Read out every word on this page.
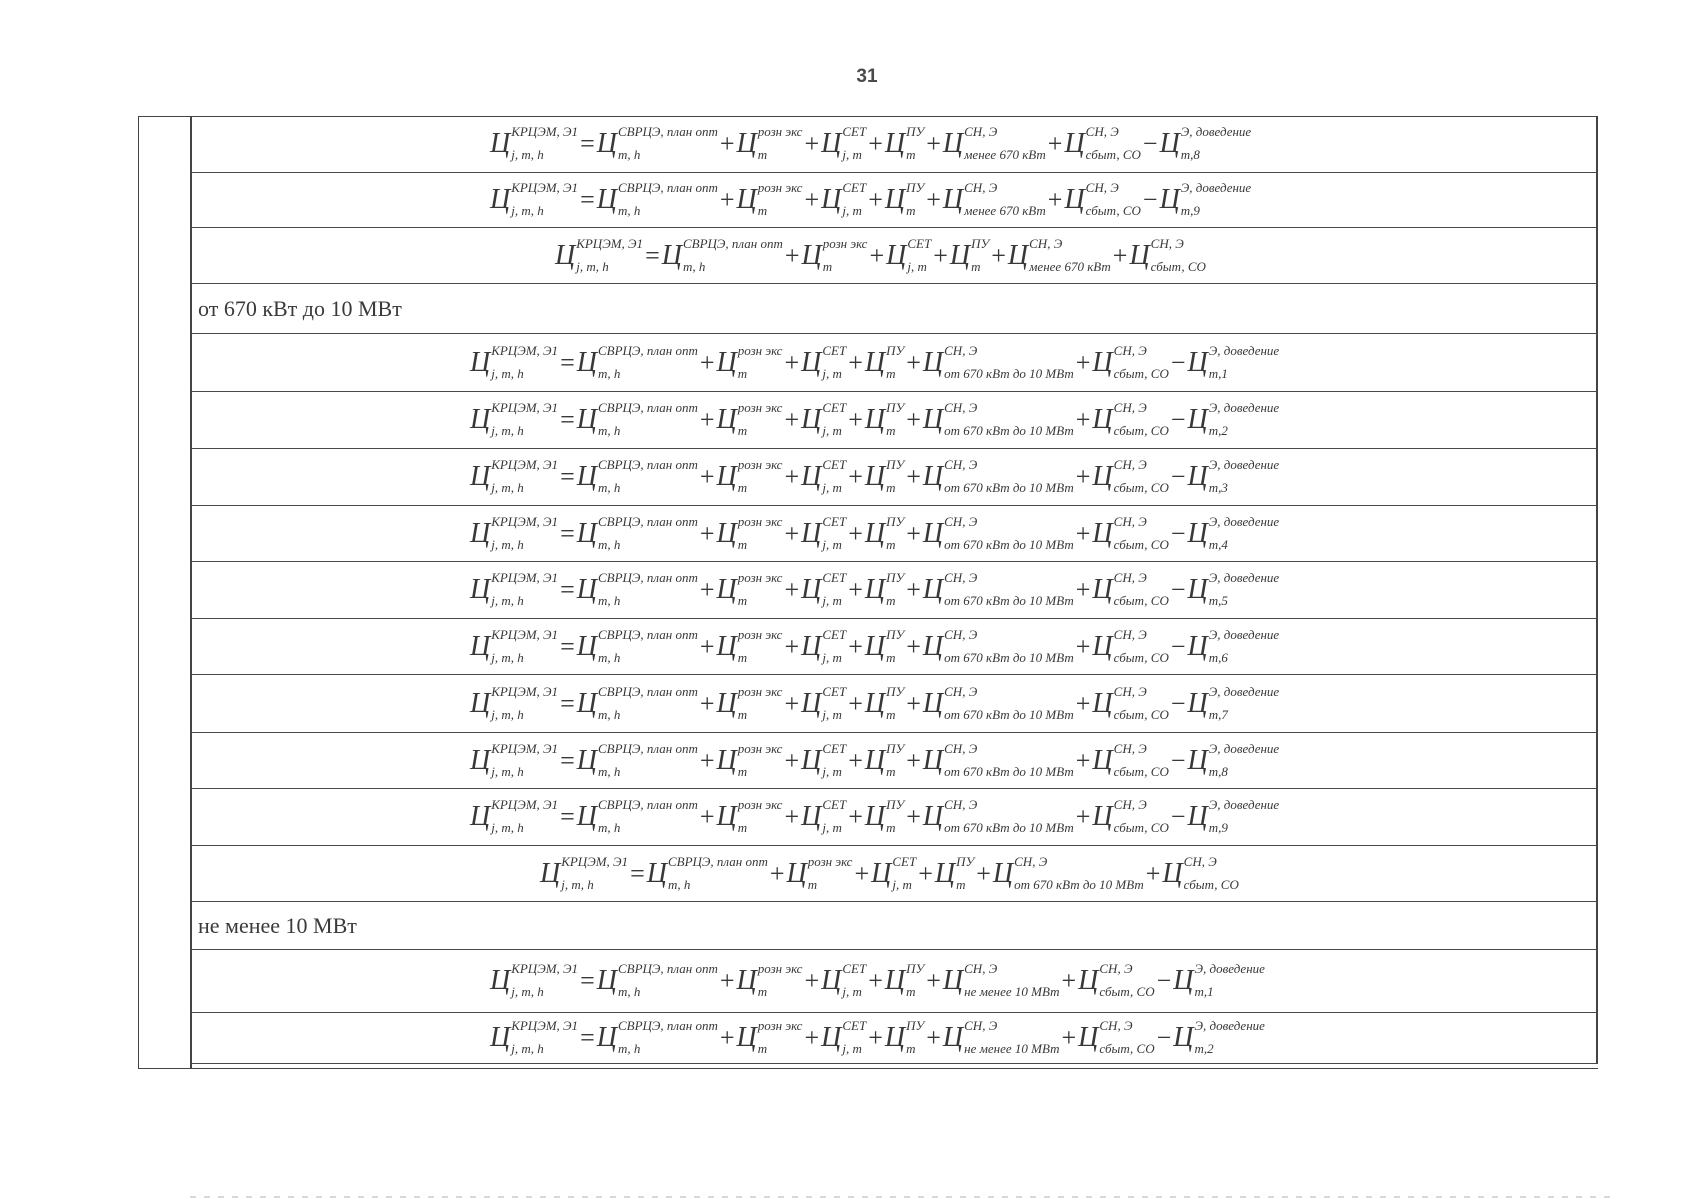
31
Ц КРЦЭМ, Э1
j, m, h	=Ц СВРЦЭ, план опт
m, h	+Ц розн экс
m	+Ц СЕТ
j, m +Ц ПУ
m +Ц СН, Э
менее 670 кВт +Ц СН, Э
сбыт, СО −Ц Э, доведение
m,8
Ц КРЦЭМ, Э1
j, m, h	=Ц СВРЦЭ, план опт
m, h	+Ц розн экс
m	+Ц СЕТ
j, m +Ц ПУ
m +Ц СН, Э
менее 670 кВт +Ц СН, Э
сбыт, СО −Ц Э, доведение
m,9
Ц КРЦЭМ, Э1
j, m, h	=Ц СВРЦЭ, план опт
m, h	+Ц розн экс
m	+Ц СЕТ
j, m +Ц ПУ
m +Ц СН, Э
менее 670 кВт +Ц СН, Э
сбыт, СО
от 670 кВт до 10 МВт
Ц КРЦЭМ, Э1
j, m, h	=Ц СВРЦЭ, план опт
m, h	+Ц розн экс
m	+Ц СЕТ
j, m +Ц ПУ
m +Ц СН, Э
от 670 кВт до 10 МВт +Ц СН, Э
сбыт, СО −Ц Э, доведение
m,1
Ц КРЦЭМ, Э1
j, m, h	=Ц СВРЦЭ, план опт
m, h	+Ц розн экс
m	+Ц СЕТ
j, m +Ц ПУ
m +Ц СН, Э
от 670 кВт до 10 МВт +Ц СН, Э
сбыт, СО −Ц Э, доведение
m,2
Ц КРЦЭМ, Э1
j, m, h	=Ц СВРЦЭ, план опт
m, h	+Ц розн экс
m	+Ц СЕТ
j, m +Ц ПУ
m +Ц СН, Э
от 670 кВт до 10 МВт +Ц СН, Э
сбыт, СО −Ц Э, доведение
m,3
Ц КРЦЭМ, Э1
j, m, h	=Ц СВРЦЭ, план опт
m, h	+Ц розн экс
m	+Ц СЕТ
j, m +Ц ПУ
m +Ц СН, Э
от 670 кВт до 10 МВт +Ц СН, Э
сбыт, СО −Ц Э, доведение
m,4
Ц КРЦЭМ, Э1
j, m, h	=Ц СВРЦЭ, план опт
m, h	+Ц розн экс
m	+Ц СЕТ
j, m +Ц ПУ
m +Ц СН, Э
от 670 кВт до 10 МВт +Ц СН, Э
сбыт, СО −Ц Э, доведение
m,5
Ц КРЦЭМ, Э1
j, m, h	=Ц СВРЦЭ, план опт
m, h	+Ц розн экс
m	+Ц СЕТ
j, m +Ц ПУ
m +Ц СН, Э
от 670 кВт до 10 МВт +Ц СН, Э
сбыт, СО −Ц Э, доведение
m,6
Ц КРЦЭМ, Э1
j, m, h	=Ц СВРЦЭ, план опт
m, h	+Ц розн экс
m	+Ц СЕТ
j, m +Ц ПУ
m +Ц СН, Э
от 670 кВт до 10 МВт +Ц СН, Э
сбыт, СО −Ц Э, доведение
m,7
Ц КРЦЭМ, Э1
j, m, h	=Ц СВРЦЭ, план опт
m, h	+Ц розн экс
m	+Ц СЕТ
j, m +Ц ПУ
m +Ц СН, Э
от 670 кВт до 10 МВт +Ц СН, Э
сбыт, СО −Ц Э, доведение
m,8
Ц КРЦЭМ, Э1
j, m, h	=Ц СВРЦЭ, план опт
m, h	+Ц розн экс
m	+Ц СЕТ
j, m +Ц ПУ
m +Ц СН, Э
от 670 кВт до 10 МВт +Ц СН, Э
сбыт, СО −Ц Э, доведение
m,9
Ц КРЦЭМ, Э1
j, m, h	=Ц СВРЦЭ, план опт
m, h	+Ц розн экс
m	+Ц СЕТ
j, m +Ц ПУ
m +Ц СН, Э
от 670 кВт до 10 МВт +Ц СН, Э
сбыт, СО
не менее 10 МВт
Ц КРЦЭМ, Э1
j, m, h	=Ц СВРЦЭ, план опт
m, h	+Ц розн экс
m	+Ц СЕТ
j, m +Ц ПУ
m +Ц СН, Э
не менее 10 МВт +Ц СН, Э
сбыт, СО −Ц Э, доведение
m,1
Ц КРЦЭМ, Э1
j, m, h	=Ц СВРЦЭ, план опт
m, h	+Ц розн экс
m	+Ц СЕТ
j, m +Ц ПУ
m +Ц СН, Э
не менее 10 МВт +Ц СН, Э
сбыт, СО −Ц Э, доведение
m,2
